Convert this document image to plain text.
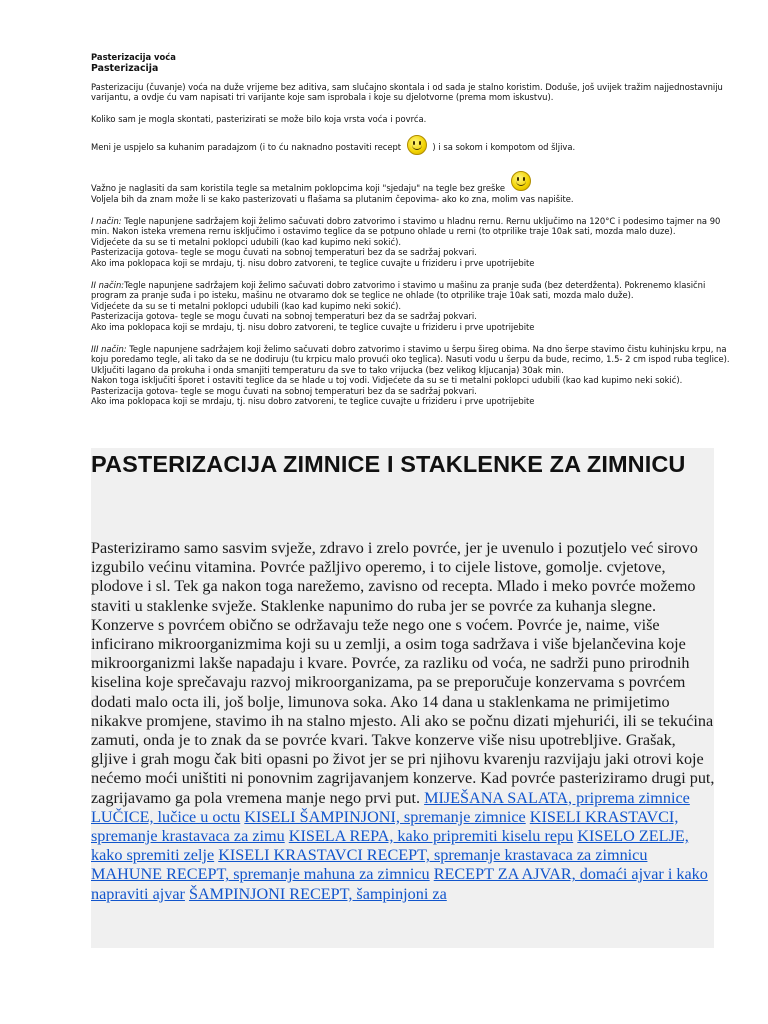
Pasterizacija voća
Pasterizacija

Pasterizaciju (čuvanje) voća na duže vrijeme bez aditiva, sam slučajno skontala i od sada je stalno koristim. Doduše, još uvijek tražim najjednostavniju varijantu, a ovdje ću vam napisati tri varijante koje sam isprobala i koje su djelotvorne (prema mom iskustvu).

Koliko sam je mogla skontati, pasterizirati se može bilo koja vrsta voća i povrća.

Meni je uspjelo sa kuhanim paradajzom (i to ću naknadno postaviti recept	) i sa sokom i kompotom od šljiva.

Važno je naglasiti da sam koristila tegle sa metalnim poklopcima koji "sjedaju" na tegle bez greške
Voljela bih da znam može li se kako pasterizovati u flašama sa plutanim čepovima- ako ko zna, molim vas napišite.

I način: Tegle napunjene sadržajem koji želimo sačuvati dobro zatvorimo i stavimo u hladnu rernu. Rernu uključimo na 120°C i podesimo tajmer na 90 min. Nakon isteka vremena rernu isključimo i ostavimo teglice da se potpuno ohlade u rerni (to otprilike traje 10ak sati, mozda malo duze).
Vidjećete da su se ti metalni poklopci udubili (kao kad kupimo neki sokić).
Pasterizacija gotova- tegle se mogu čuvati na sobnoj temperaturi bez da se sadržaj pokvari.
Ako ima poklopaca koji se mrdaju, tj. nisu dobro zatvoreni, te teglice cuvajte u frizideru i prve upotrijebite

II način:Tegle napunjene sadržajem koji želimo sačuvati dobro zatvorimo i stavimo u mašinu za pranje suđa (bez deterdženta). Pokrenemo klasični program za pranje suđa i po isteku, mašinu ne otvaramo dok se teglice ne ohlade (to otprilike traje 10ak sati, mozda malo duže).
Vidjećete da su se ti metalni poklopci udubili (kao kad kupimo neki sokić).
Pasterizacija gotova- tegle se mogu čuvati na sobnoj temperaturi bez da se sadržaj pokvari.
Ako ima poklopaca koji se mrdaju, tj. nisu dobro zatvoreni, te teglice cuvajte u frizideru i prve upotrijebite

III način: Tegle napunjene sadržajem koji želimo sačuvati dobro zatvorimo i stavimo u šerpu šireg obima. Na dno šerpe stavimo čistu kuhinjsku krpu, na koju poredamo tegle, ali tako da se ne dodiruju (tu krpicu malo provući oko teglica). Nasuti vodu u šerpu da bude, recimo, 1.5- 2 cm ispod ruba teglice). Uključiti lagano da prokuha i onda smanjiti temperaturu da sve to tako vrijucka (bez velikog kljucanja) 30ak min.
Nakon toga isključiti šporet i ostaviti teglice da se hlade u toj vodi. Vidjećete da su se ti metalni poklopci udubili (kao kad kupimo neki sokić).
Pasterizacija gotova- tegle se mogu čuvati na sobnoj temperaturi bez da se sadržaj pokvari.
Ako ima poklopaca koji se mrdaju, tj. nisu dobro zatvoreni, te teglice cuvajte u frizideru i prve upotrijebite

PASTERIZACIJA ZIMNICE I STAKLENKE ZA ZIMNICU
Pasteriziramo samo sasvim svježe, zdravo i zrelo povrće, jer je uvenulo i pozutjelo već sirovo izgubilo većinu vitamina. Povrće pažljivo operemo, i to cijele listove, gomolje. cvjetove, plodove i sl. Tek ga nakon toga narežemo, zavisno od recepta. Mlado i meko povrće možemo staviti u staklenke svježe. Staklenke napunimo do ruba jer se povrće za kuhanja slegne. Konzerve s povrćem obično se održavaju teže nego one s voćem. Povrće je, naime, više inficirano mikroorganizmima koji su u zemlji, a osim toga sadržava i više bjelančevina koje mikroorganizmi lakše napadaju i kvare. Povrće, za razliku od voća, ne sadrži puno prirodnih kiselina koje sprečavaju razvoj mikroorganizama, pa se preporučuje konzervama s povrćem dodati malo octa ili, još bolje, limunova soka. Ako 14 dana u staklenkama ne primijetimo nikakve promjene, stavimo ih na stalno mjesto. Ali ako se počnu dizati mjehurići, ili se tekućina zamuti, onda je to znak da se povrće kvari. Takve konzerve više nisu upotrebljive. Grašak, gljive i grah mogu čak biti opasni po život jer se pri njihovu kvarenju razvijaju jaki otrovi koje nećemo moći uništiti ni ponovnim zagrijavanjem konzerve. Kad povrće pasteriziramo drugi put, zagrijavamo ga pola vremena manje nego prvi put. MIJEŠANA SALATA, priprema zimnice LUČICE, lučice u octu KISELI ŠAMPINJONI, spremanje zimnice KISELI KRASTAVCI, spremanje krastavaca za zimu KISELA REPA, kako pripremiti kiselu repu KISELO ZELJE, kako spremiti zelje KISELI KRASTAVCI RECEPT, spremanje krastavaca za zimnicu MAHUNE RECEPT, spremanje mahuna za zimnicu RECEPT ZA AJVAR, domaći ajvar i kako napraviti ajvar ŠAMPINJONI RECEPT, šampinjoni za
